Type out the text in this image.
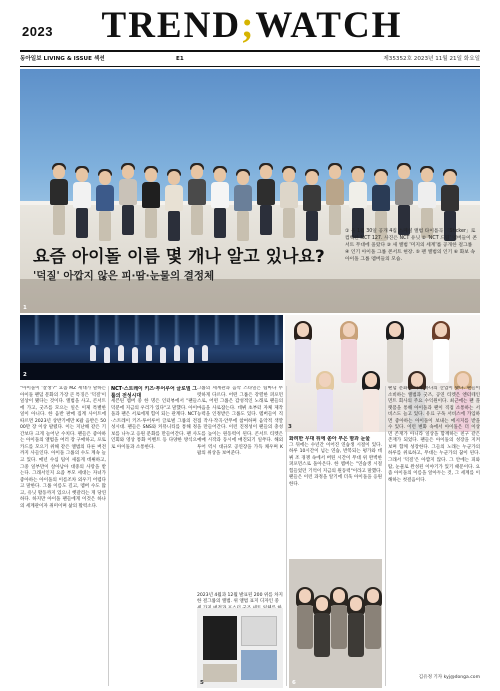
2023	TREND;WATCH
동아일보 LIVING & ISSUE 섹션	E1	제35352호 2023년 11월 21일 화요일
1
① 올 1월 30일 공개 4집 스페셜 앨범 타이틀곡 「Sticker」로 컴백한 NCT 127. 사진은 NCT 유닛 ② 'NCT 드림' 멤버들이 콘서트 무대에 올랐다 ③ 새 앨범 '미지의 세계'를 공개한 걸그룹 ④ 인기 아이돌 그룹 콘서트 현장. ⑤ 팬 앨범의 인기 ⑥ 화보 속 아이돌 그룹 멤버들의 모습.
요즘 아이돌 이름 몇 개나 알고 있나요?
'덕질' 아깝지 않은 피·땀·눈물의 결정체
2
3

"아이돌이 '잘생'?" 요즘 MZ 세대가 말하는 아이돌 팬덤 문화의 가장 큰 특징은 '덕질'이 일상이 됐다는 것이다. 앨범을 사고, 콘서트에 가고, 굿즈를 모으는 일은 이제 특별한 일이 아니다. 한 음반 판매 집계 사이트에 따르면 2023년 상반기에만 K팝 음반은 5000만 장 이상 팔렸다. 이는 지난해 같은 기간보다 크게 늘어난 수치다. 팬들은 좋아하는 아이돌의 앨범을 여러 장 구매하고, 포토카드를 모으기 위해 같은 앨범의 다른 버전까지 사들인다. 아이돌 그룹의 수도 계속 늘고 있다. 매년 수십 팀이 새롭게 데뷔하고, 그중 일부만이 살아남아 대중의 사랑을 받는다. 그래서인지 요즘 부모 세대는 자녀가 좋아하는 아이돌의 이름조차 외우기 어렵다고 말한다. 그룹 이름도 길고, 멤버 수도 많고, 유닛 활동까지 있으니 헷갈리는 게 당연하다. 하지만 아이돌 팬들에게 이것은 하나의 세계관이자 취미이며 삶의 활력소다.

NCT·스트레이 키즈·투어루어 글로벌 그룹의 전성시대

세븐틴 멤버 중 한 명은 인터뷰에서 "팬들 덕분에 지금의 우리가 있다"고 말했다. 아이돌과 팬은 서로에게 힘이 되는 관계다. NCT·스트레이 키즈·투어루어 글로벌 그룹의 전성시대. 팬들은 SNS와 커뮤니티를 통해 정보를 나누고 응원 문화를 만들어간다. 팬 사인회와 영상 통화 이벤트 등 다양한 방식으로 아이돌과 소통한다.

그룹의 세계관과 음악 스타일은 팀마다 뚜렷하게 다르다. 어떤 그룹은 강렬한 퍼포먼스로, 어떤 그룹은 감성적인 노래로 팬들의 마음을 사로잡는다. 데뷔 초부터 자체 제작 능력을 인정받은 그룹도 있다. 멤버들이 직접 작사·작곡·안무에 참여하며 음악적 색깔을 만들어간다. 이런 진정성이 팬들의 충성도를 높이는 원동력이 된다. 콘서트 티켓은 예매 시작과 동시에 매진되기 일쑤다. 해외 투어 역시 대규모 공연장을 가득 채우며 K팝의 위상을 보여준다.

화려한 무대 뒤에 쏟아 부은 땀과 눈물

그 뒤에는 수년간 이어진 연습생 시절이 있다. 하루 10시간이 넘는 연습, 반복되는 평가와 데뷔 조 경쟁 속에서 버틴 시간이 무대 위 완벽한 퍼포먼스로 돌아온다. 한 멤버는 "연습생 시절 힘들었던 기억이 지금의 원동력"이라고 말했다. 팬들은 이런 과정을 알기에 더욱 아이돌을 응원한다.

팬덤 문화는 이제 하나의 산업이 됐다. 팬들이 소비하는 앨범과 굿즈, 공연 티켓은 엔터테인먼트 회사의 주요 수익원이다. 최근에는 팬 플랫폼을 통해 아이돌과 팬이 직접 소통하는 서비스도 늘고 있다. 유료 구독 서비스에 가입하면 좋아하는 아이돌이 보내는 메시지를 받을 수 있다. 이런 변화 속에서 아이돌은 더 이상 먼 존재가 아니라 일상을 함께하는 친구 같은 존재가 되었다. 팬들은 아이돌의 성장을 지켜보며 함께 성장한다. 그들의 노래는 누군가의 하루를 위로하고, 무대는 누군가의 꿈이 된다. 그래서 '덕질'은 아깝지 않다. 그 안에는 피와 땀, 눈물로 완성된 이야기가 있기 때문이다. 요즘 아이돌의 이름을 알아두는 것, 그 세계를 이해하는 첫걸음이다.

2023년 4월과 12월 발표된 200 위를 차지한 걸그룹의 앨범. 위 앨범 표지 디자인 중
5	6
김유정 기자 kyj@donga.com
